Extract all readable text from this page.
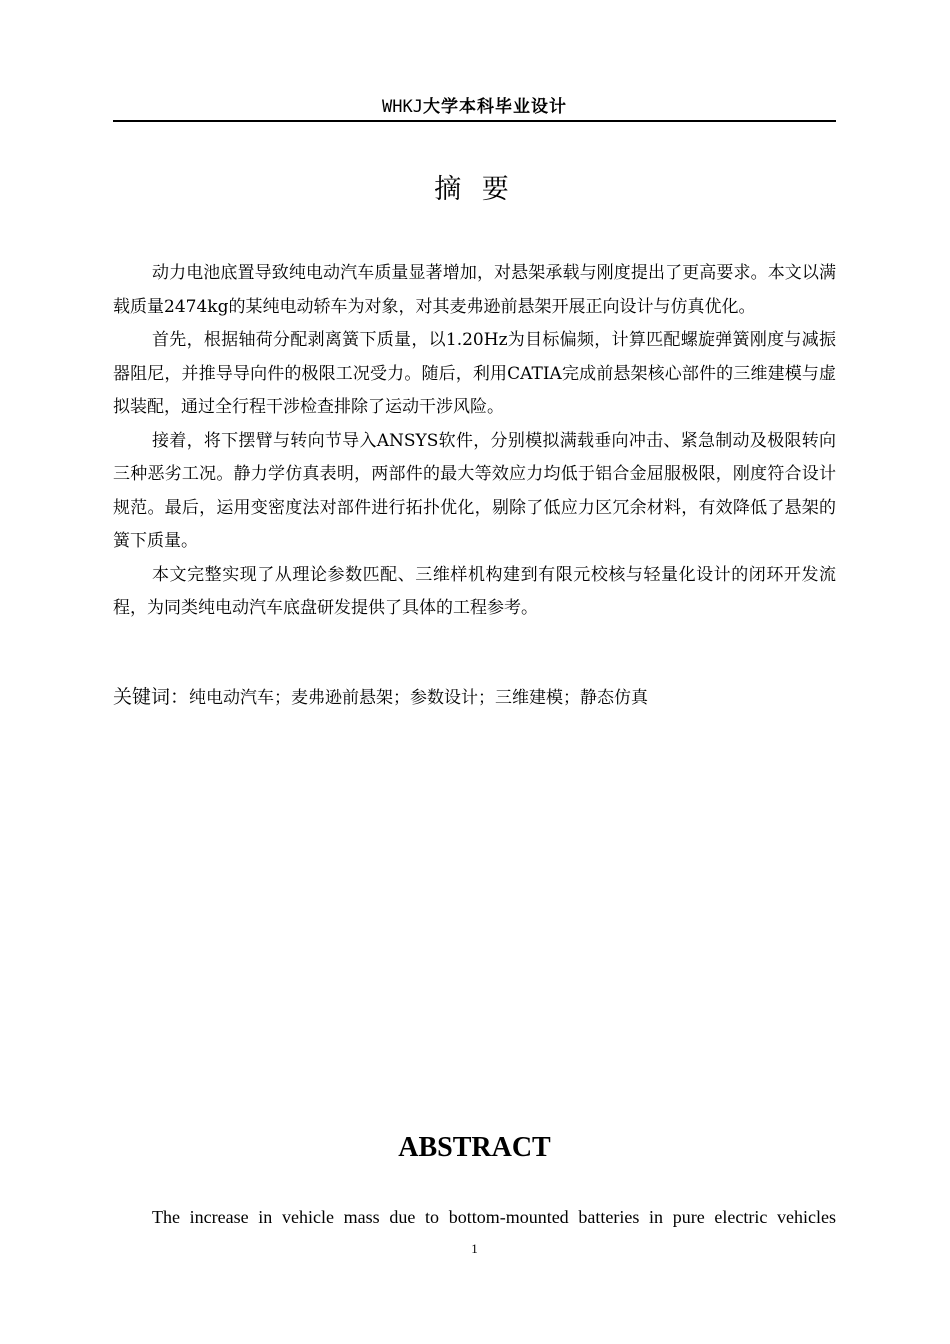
WHKJ大学本科毕业设计
摘 要

动力电池底置导致纯电动汽车质量显著增加，对悬架承载与刚度提出了更高要求。本文以满载质量2474kg的某纯电动轿车为对象，对其麦弗逊前悬架开展正向设计与仿真优化。

首先，根据轴荷分配剥离簧下质量，以1.20Hz为目标偏频，计算匹配螺旋弹簧刚度与减振器阻尼，并推导导向件的极限工况受力。随后，利用CATIA完成前悬架核心部件的三维建模与虚拟装配，通过全行程干涉检查排除了运动干涉风险。

接着，将下摆臂与转向节导入ANSYS软件，分别模拟满载垂向冲击、紧急制动及极限转向三种恶劣工况。静力学仿真表明，两部件的最大等效应力均低于铝合金屈服极限，刚度符合设计规范。最后，运用变密度法对部件进行拓扑优化，剔除了低应力区冗余材料，有效降低了悬架的簧下质量。

本文完整实现了从理论参数匹配、三维样机构建到有限元校核与轻量化设计的闭环开发流程，为同类纯电动汽车底盘研发提供了具体的工程参考。

关键词：纯电动汽车；麦弗逊前悬架；参数设计；三维建模；静态仿真
ABSTRACT
The increase in vehicle mass due to bottom-mounted batteries in pure electric vehicles
1
